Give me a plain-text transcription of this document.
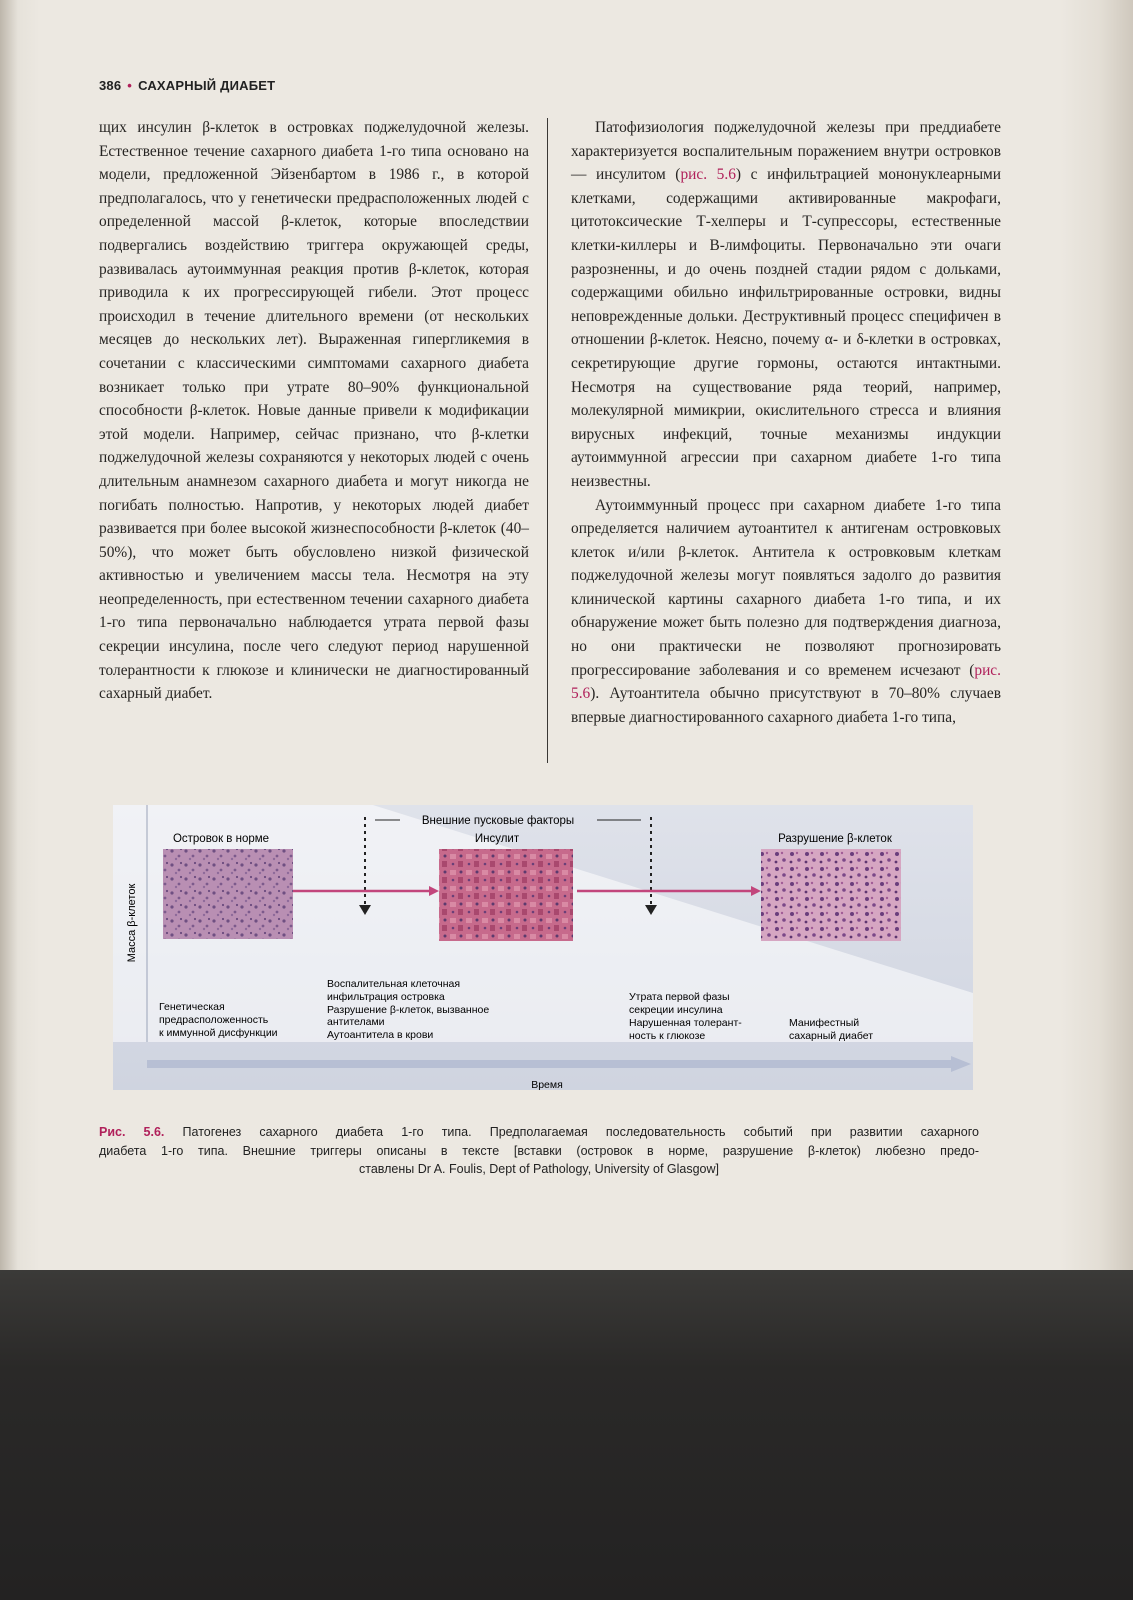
386 • САХАРНЫЙ ДИАБЕТ

щих инсулин β-клеток в островках поджелудочной железы. Естественное течение сахарного диабета 1-го типа основано на модели, предложенной Эйзенбартом в 1986 г., в которой предполагалось, что у генетически предрасположенных людей с определенной массой β-клеток, которые впоследствии подвергались воздействию триггера окружающей среды, развивалась аутоиммунная реакция против β-клеток, которая приводила к их прогрессирующей гибели. Этот процесс происходил в течение длительного времени (от нескольких месяцев до нескольких лет). Выраженная гипергликемия в сочетании с классическими симптомами сахарного диабета возникает только при утрате 80–90% функциональной способности β-клеток. Новые данные привели к модификации этой модели. Например, сейчас признано, что β-клетки поджелудочной железы сохраняются у некоторых людей с очень длительным анамнезом сахарного диабета и могут никогда не погибать полностью. Напротив, у некоторых людей диабет развивается при более высокой жизнеспособности β-клеток (40–50%), что может быть обусловлено низкой физической активностью и увеличением массы тела. Несмотря на эту неопределенность, при естественном течении сахарного диабета 1-го типа первоначально наблюдается утрата первой фазы секреции инсулина, после чего следуют период нарушенной толерантности к глюкозе и клинически не диагностированный сахарный диабет.

Патофизиология поджелудочной железы при преддиабете характеризуется воспалительным поражением внутри островков — инсулитом (рис. 5.6) с инфильтрацией мононуклеарными клетками, содержащими активированные макрофаги, цитотоксические Т-хелперы и Т-супрессоры, естественные клетки-киллеры и В-лимфоциты. Первоначально эти очаги разрозненны, и до очень поздней стадии рядом с дольками, содержащими обильно инфильтрированные островки, видны неповрежденные дольки. Деструктивный процесс специфичен в отношении β-клеток. Неясно, почему α- и δ-клетки в островках, секретирующие другие гормоны, остаются интактными. Несмотря на существование ряда теорий, например, молекулярной мимикрии, окислительного стресса и влияния вирусных инфекций, точные механизмы индукции аутоиммунной агрессии при сахарном диабете 1-го типа неизвестны.

Аутоиммунный процесс при сахарном диабете 1-го типа определяется наличием аутоантител к антигенам островковых клеток и/или β-клеток. Антитела к островковым клеткам поджелудочной железы могут появляться задолго до развития клинической картины сахарного диабета 1-го типа, и их обнаружение может быть полезно для подтверждения диагноза, но они практически не позволяют прогнозировать прогрессирование заболевания и со временем исчезают (рис. 5.6). Аутоантитела обычно присутствуют в 70–80% случаев впервые диагностированного сахарного диабета 1-го типа,

Масса β-клеток
Внешние пусковые факторы
Островок в норме	Инсулит	Разрушение β-клеток
Генетическая
предрасположенность
к иммунной дисфункции
Воспалительная клеточная
инфильтрация островка
Разрушение β-клеток, вызванное
антителами
Аутоантитела в крови
Утрата первой фазы
секреции инсулина
Нарушенная толерант-
ность к глюкозе
Манифестный
сахарный диабет
Время
Рис. 5.6. Патогенез сахарного диабета 1-го типа. Предполагаемая последовательность событий при развитии сахарного
диабета 1-го типа. Внешние триггеры описаны в тексте [вставки (островок в норме, разрушение β-клеток) любезно предо-
ставлены Dr A. Foulis, Dept of Pathology, University of Glasgow]
